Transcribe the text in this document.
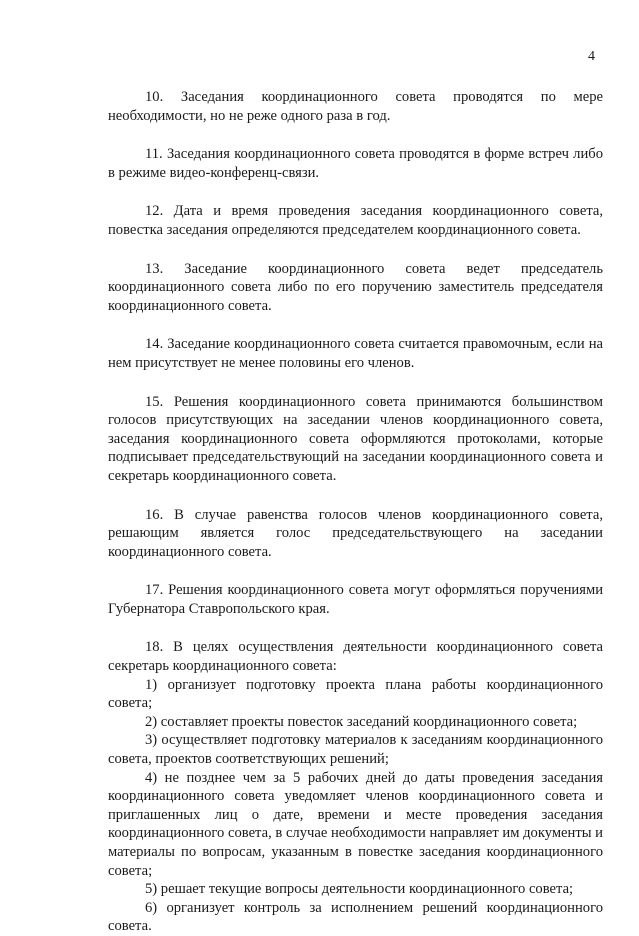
4

10. Заседания координационного совета проводятся по мере необходимости, но не реже одного раза в год.

11. Заседания координационного совета проводятся в форме встреч либо в режиме видео-конференц-связи.

12. Дата и время проведения заседания координационного совета, повестка заседания определяются председателем координационного совета.

13. Заседание координационного совета ведет председатель координационного совета либо по его поручению заместитель председателя координационного совета.

14. Заседание координационного совета считается правомочным, если на нем присутствует не менее половины его членов.

15. Решения координационного совета принимаются большинством голосов присутствующих на заседании членов координационного совета, заседания координационного совета оформляются протоколами, которые подписывает председательствующий на заседании координационного совета и секретарь координационного совета.

16. В случае равенства голосов членов координационного совета, решающим является голос председательствующего на заседании координационного совета.

17. Решения координационного совета могут оформляться поручениями Губернатора Ставропольского края.

18. В целях осуществления деятельности координационного совета секретарь координационного совета:

1) организует подготовку проекта плана работы координационного совета;

2) составляет проекты повесток заседаний координационного совета;

3) осуществляет подготовку материалов к заседаниям координационного совета, проектов соответствующих решений;

4) не позднее чем за 5 рабочих дней до даты проведения заседания координационного совета уведомляет членов координационного совета и приглашенных лиц о дате, времени и месте проведения заседания координационного совета, в случае необходимости направляет им документы и материалы по вопросам, указанным в повестке заседания координационного совета;

5) решает текущие вопросы деятельности координационного совета;

6) организует контроль за исполнением решений координационного совета.
